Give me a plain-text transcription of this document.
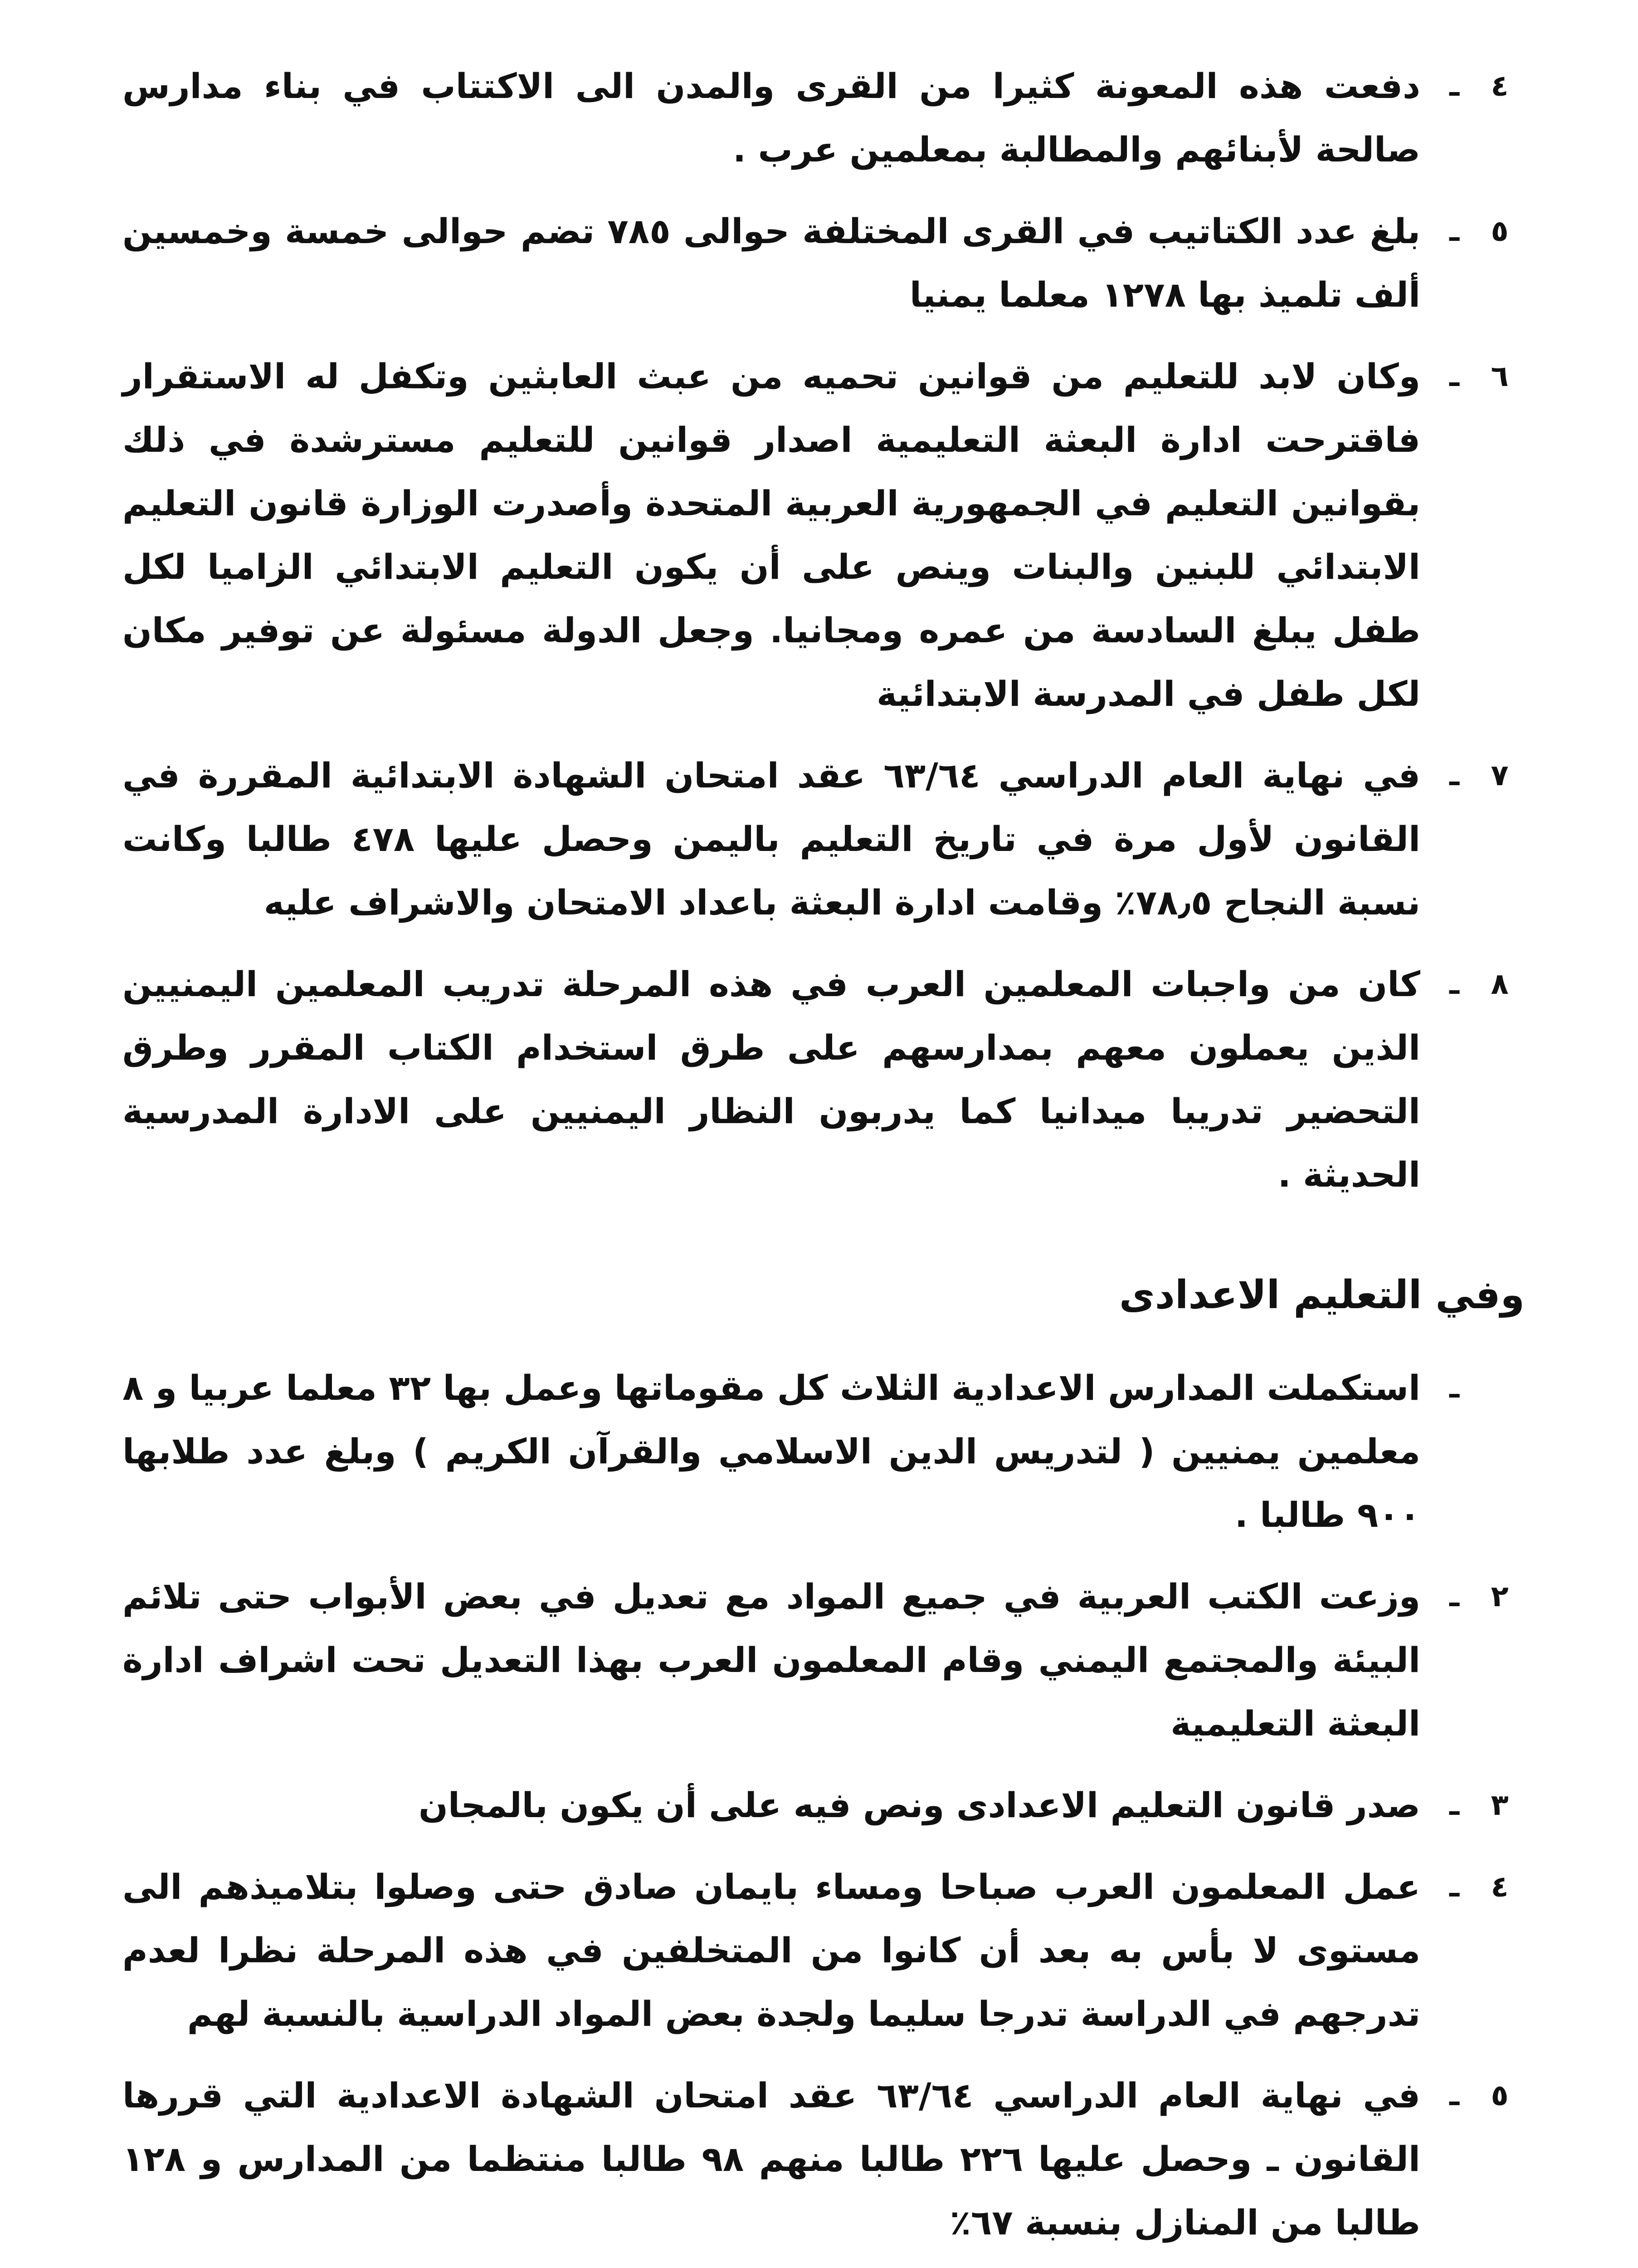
٤
ـ
دفعت هذه المعونة كثيرا من القرى والمدن الى الاكتتاب في بناء مدارس صالحة لأبنائهم والمطالبة بمعلمين عرب .
٥
ـ
بلغ عدد الكتاتيب في القرى المختلفة حوالى ٧٨٥ تضم حوالى خمسة وخمسين ألف تلميذ بها ١٢٧٨ معلما يمنيا
٦
ـ
وكان لابد للتعليم من قوانين تحميه من عبث العابثين وتكفل له الاستقرار فاقترحت ادارة البعثة التعليمية اصدار قوانين للتعليم مسترشدة في ذلك بقوانين التعليم في الجمهورية العربية المتحدة وأصدرت الوزارة قانون التعليم الابتدائي للبنين والبنات وينص على أن يكون التعليم الابتدائي الزاميا لكل طفل يبلغ السادسة من عمره ومجانيا. وجعل الدولة مسئولة عن توفير مكان لكل طفل في المدرسة الابتدائية
٧
ـ
في نهاية العام الدراسي ٦٣/٦٤ عقد امتحان الشهادة الابتدائية المقررة في القانون لأول مرة في تاريخ التعليم باليمن وحصل عليها ٤٧٨ طالبا وكانت نسبة النجاح ٧٨٫٥٪ وقامت ادارة البعثة باعداد الامتحان والاشراف عليه
٨
ـ
كان من واجبات المعلمين العرب في هذه المرحلة تدريب المعلمين اليمنيين الذين يعملون معهم بمدارسهم على طرق استخدام الكتاب المقرر وطرق التحضير تدريبا ميدانيا كما يدربون النظار اليمنيين على الادارة المدرسية الحديثة .
وفي التعليم الاعدادى
ـ
استكملت المدارس الاعدادية الثلاث كل مقوماتها وعمل بها ٣٢ معلما عربيا و ٨ معلمين يمنيين ( لتدريس الدين الاسلامي والقرآن الكريم ) وبلغ عدد طلابها ٩٠٠ طالبا .
٢
ـ
وزعت الكتب العربية في جميع المواد مع تعديل في بعض الأبواب حتى تلائم البيئة والمجتمع اليمني وقام المعلمون العرب بهذا التعديل تحت اشراف ادارة البعثة التعليمية
٣
ـ
صدر قانون التعليم الاعدادى ونص فيه على أن يكون بالمجان
٤
ـ
عمل المعلمون العرب صباحا ومساء بايمان صادق حتى وصلوا بتلاميذهم الى مستوى لا بأس به بعد أن كانوا من المتخلفين في هذه المرحلة نظرا لعدم تدرجهم في الدراسة تدرجا سليما ولجدة بعض المواد الدراسية بالنسبة لهم
٥
ـ
في نهاية العام الدراسي ٦٣/٦٤ عقد امتحان الشهادة الاعدادية التي قررها القانون ـ وحصل عليها ٢٢٦ طالبا منهم ٩٨ طالبا منتظما من المدارس و ١٢٨ طالبا من المنازل بنسبة ٦٧٪
